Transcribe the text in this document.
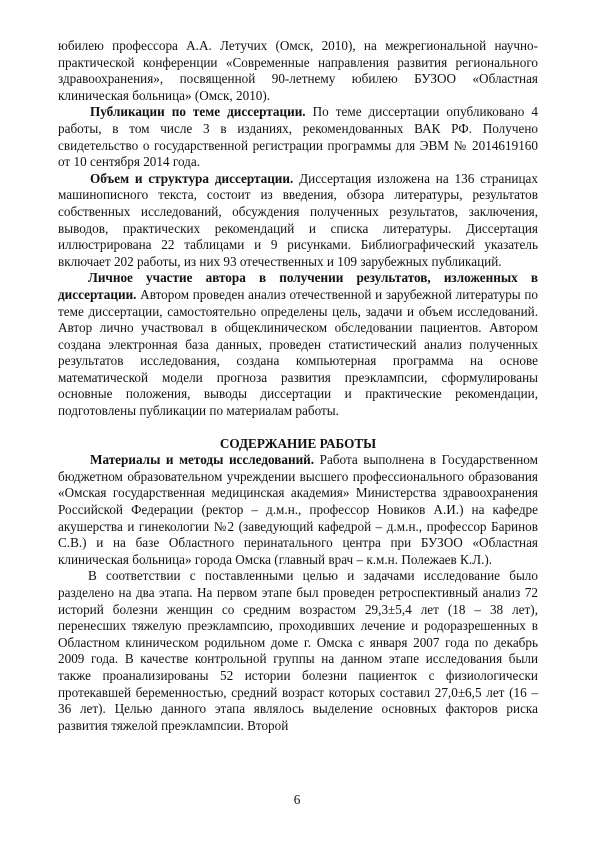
юбилею профессора А.А. Летучих (Омск, 2010), на межрегиональной научно-практической конференции «Современные направления развития регионального здравоохранения», посвященной 90-летнему юбилею БУЗОО «Областная клиническая больница» (Омск, 2010).

Публикации по теме диссертации. По теме диссертации опубликовано 4 работы, в том числе 3 в изданиях, рекомендованных ВАК РФ. Получено свидетельство о государственной регистрации программы для ЭВМ № 2014619160 от 10 сентября 2014 года.

Объем и структура диссертации. Диссертация изложена на 136 страницах машинописного текста, состоит из введения, обзора литературы, результатов собственных исследований, обсуждения полученных результатов, заключения, выводов, практических рекомендаций и списка литературы. Диссертация иллюстрирована 22 таблицами и 9 рисунками. Библиографический указатель включает 202 работы, из них 93 отечественных и 109 зарубежных публикаций.

Личное участие автора в получении результатов, изложенных в диссертации. Автором проведен анализ отечественной и зарубежной литературы по теме диссертации, самостоятельно определены цель, задачи и объем исследований. Автор лично участвовал в общеклиническом обследовании пациентов. Автором создана электронная база данных, проведен статистический анализ полученных результатов исследования, создана компьютерная программа на основе математической модели прогноза развития преэклампсии, сформулированы основные положения, выводы диссертации и практические рекомендации, подготовлены публикации по материалам работы.

СОДЕРЖАНИЕ РАБОТЫ

Материалы и методы исследований. Работа выполнена в Государственном бюджетном образовательном учреждении высшего профессионального образования «Омская государственная медицинская академия» Министерства здравоохранения Российской Федерации (ректор – д.м.н., профессор Новиков А.И.) на кафедре акушерства и гинекологии №2 (заведующий кафедрой – д.м.н., профессор Баринов С.В.) и на базе Областного перинатального центра при БУЗОО «Областная клиническая больница» города Омска (главный врач – к.м.н. Полежаев К.Л.).

В соответствии с поставленными целью и задачами исследование было разделено на два этапа. На первом этапе был проведен ретроспективный анализ 72 историй болезни женщин со средним возрастом 29,3±5,4 лет (18 – 38 лет), перенесших тяжелую преэклампсию, проходивших лечение и родоразрешенных в Областном клиническом родильном доме г. Омска с января 2007 года по декабрь 2009 года. В качестве контрольной группы на данном этапе исследования были также проанализированы 52 истории болезни пациенток с физиологически протекавшей беременностью, средний возраст которых составил 27,0±6,5 лет (16 – 36 лет). Целью данного этапа являлось выделение основных факторов риска развития тяжелой преэклампсии. Второй

6
